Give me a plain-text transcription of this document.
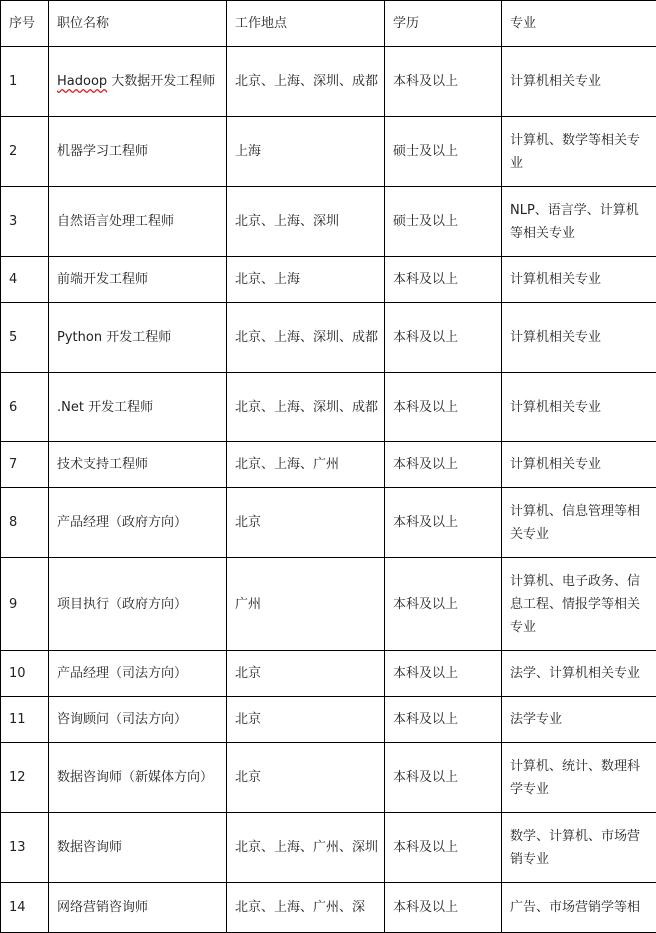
序号	职位名称	工作地点	学历	专业
1	Hadoop 大数据开发工程师	北京、上海、深圳、成都	本科及以上	计算机相关专业
2	机器学习工程师	上海	硕士及以上	计算机、数学等相关专业
3	自然语言处理工程师	北京、上海、深圳	硕士及以上	NLP、语言学、计算机等相关专业
4	前端开发工程师	北京、上海	本科及以上	计算机相关专业
5	Python 开发工程师	北京、上海、深圳、成都	本科及以上	计算机相关专业
6	.Net 开发工程师	北京、上海、深圳、成都	本科及以上	计算机相关专业
7	技术支持工程师	北京、上海、广州	本科及以上	计算机相关专业
8	产品经理（政府方向）	北京	本科及以上	计算机、信息管理等相关专业
9	项目执行（政府方向）	广州	本科及以上	计算机、电子政务、信息工程、情报学等相关专业
10	产品经理（司法方向）	北京	本科及以上	法学、计算机相关专业
11	咨询顾问（司法方向）	北京	本科及以上	法学专业
12	数据咨询师（新媒体方向）	北京	本科及以上	计算机、统计、数理科学专业
13	数据咨询师	北京、上海、广州、深圳	本科及以上	数学、计算机、市场营销专业
14	网络营销咨询师	北京、上海、广州、深	本科及以上	广告、市场营销学等相
